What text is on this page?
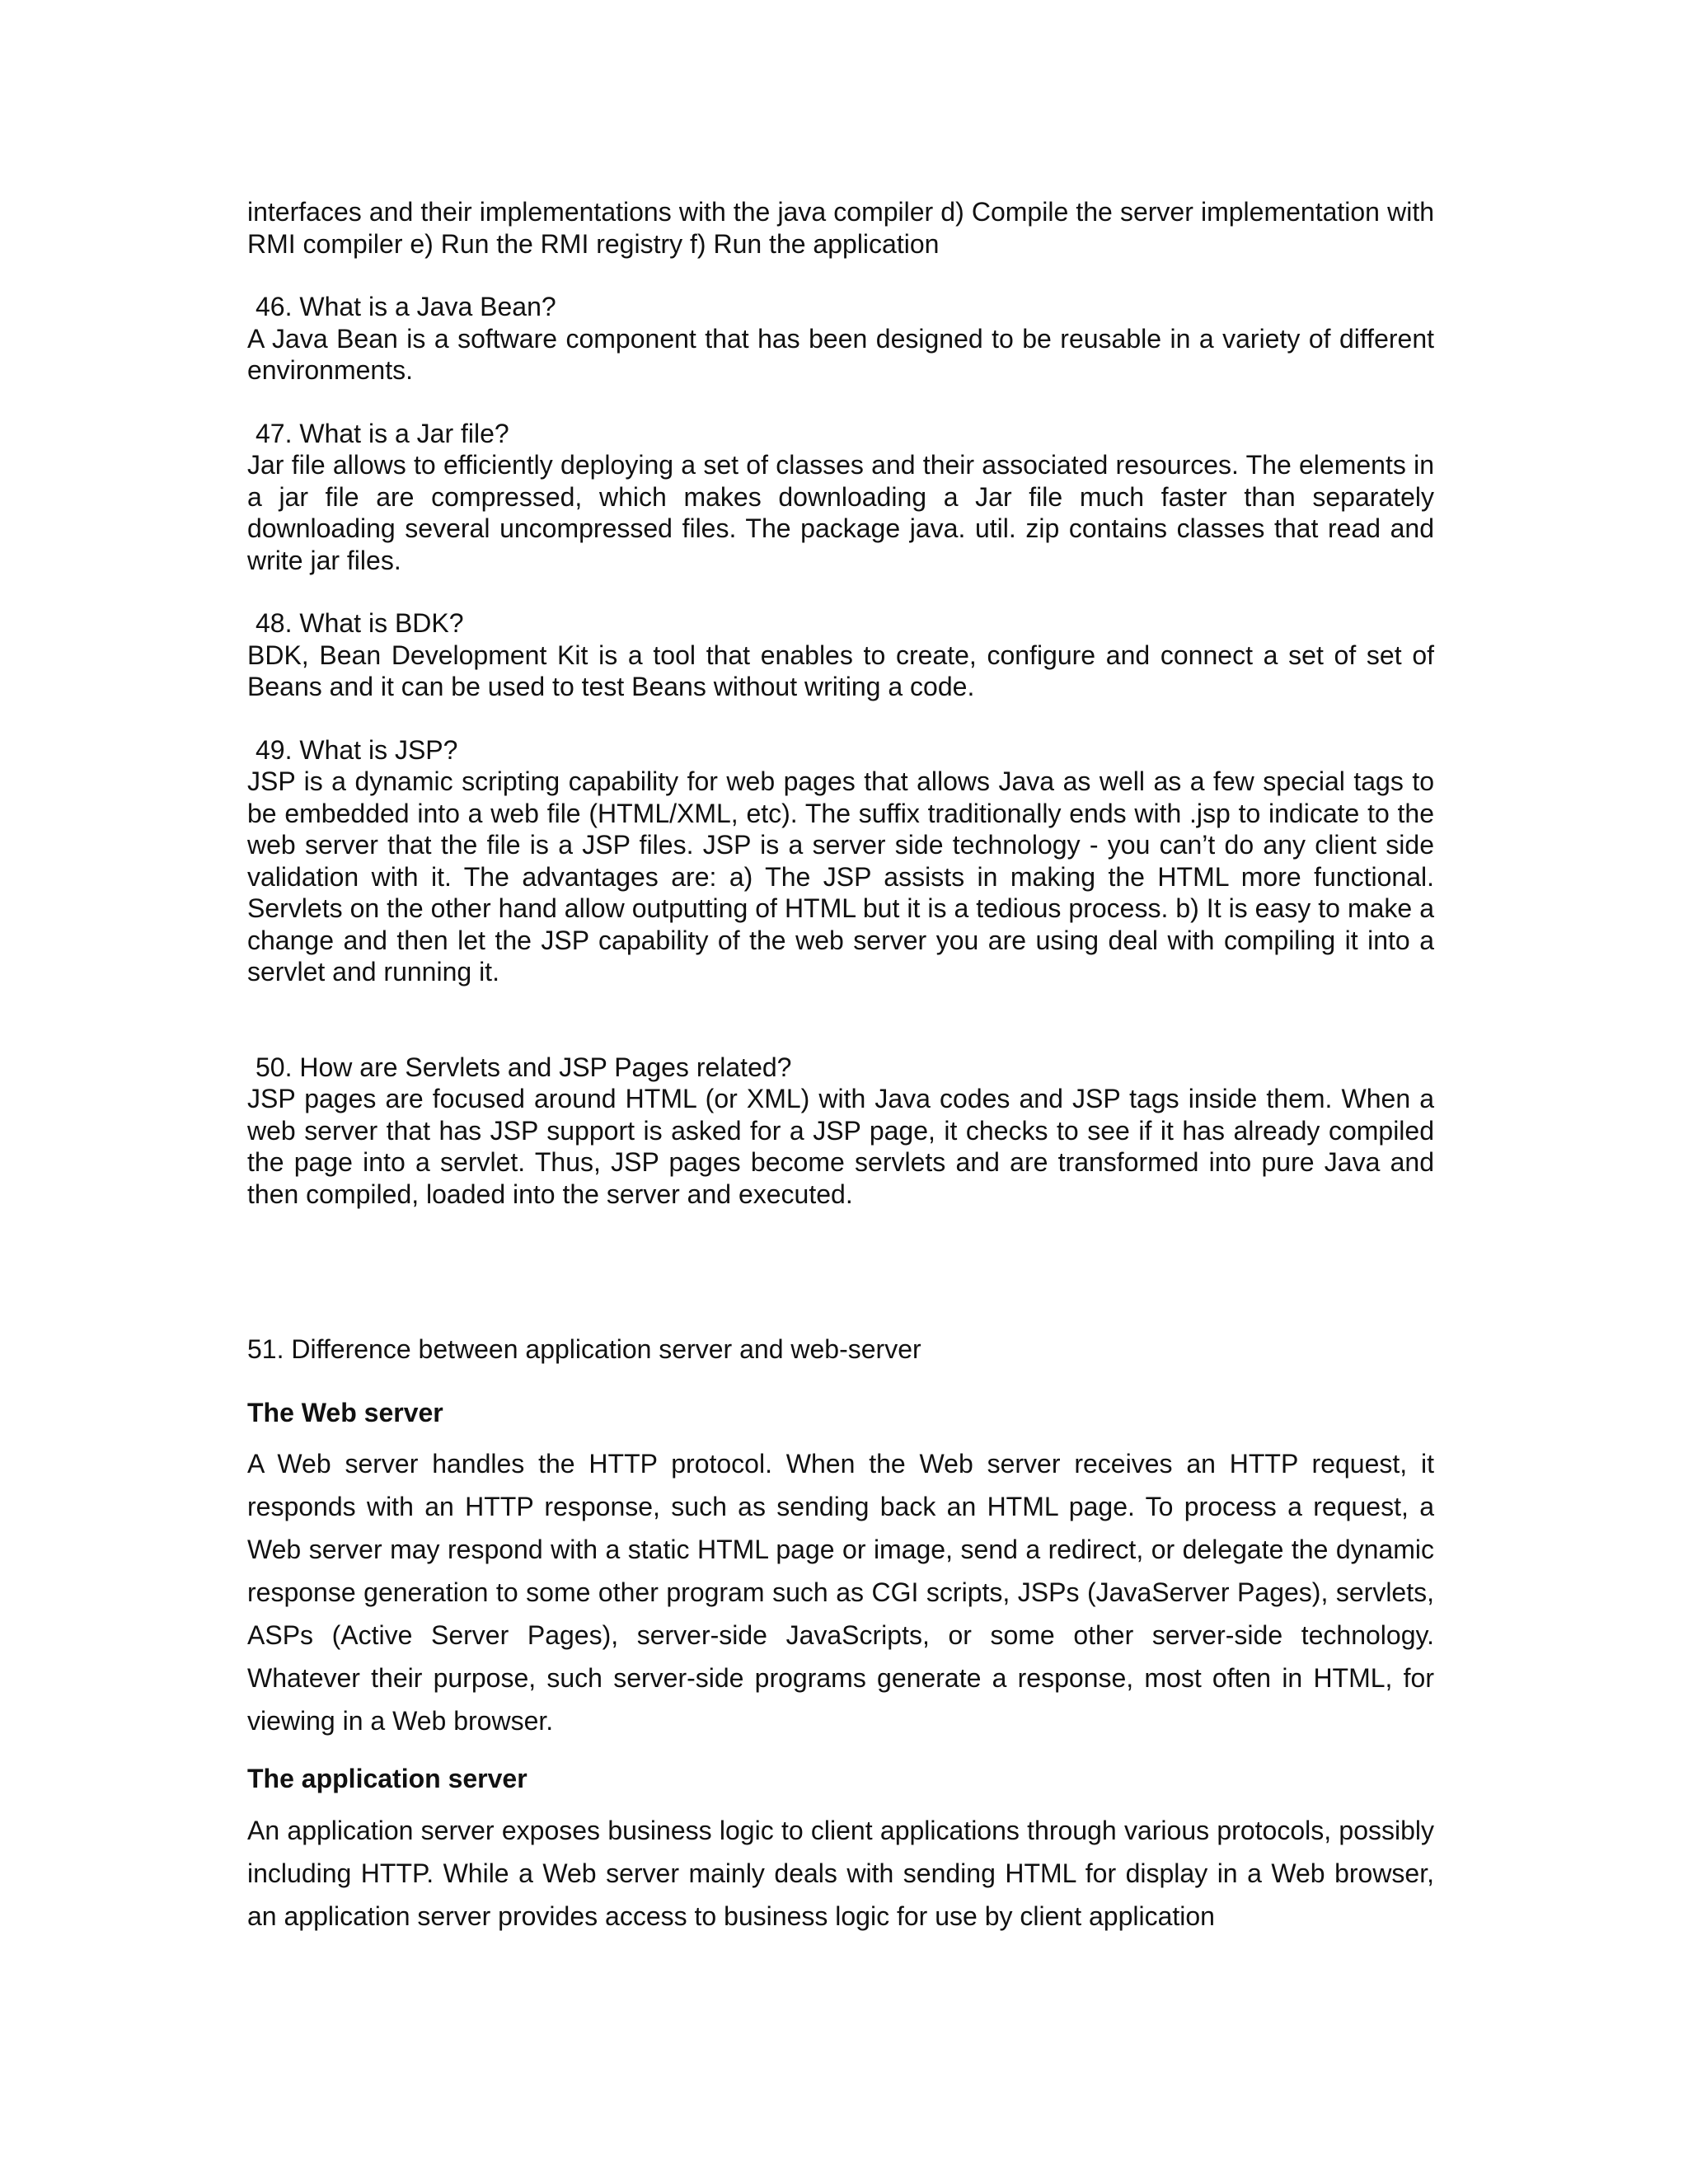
interfaces and their implementations with the java compiler d) Compile the server implementation with RMI compiler e) Run the RMI registry f) Run the application

46. What is a Java Bean?

A Java Bean is a software component that has been designed to be reusable in a variety of different environments.

47. What is a Jar file?

Jar file allows to efficiently deploying a set of classes and their associated resources. The elements in a jar file are compressed, which makes downloading a Jar file much faster than separately downloading several uncompressed files. The package java. util. zip contains classes that read and write jar files.

48. What is BDK?

BDK, Bean Development Kit is a tool that enables to create, configure and connect a set of set of Beans and it can be used to test Beans without writing a code.

49. What is JSP?

JSP is a dynamic scripting capability for web pages that allows Java as well as a few special tags to be embedded into a web file (HTML/XML, etc). The suffix traditionally ends with .jsp to indicate to the web server that the file is a JSP files. JSP is a server side technology - you can’t do any client side validation with it. The advantages are: a) The JSP assists in making the HTML more functional. Servlets on the other hand allow outputting of HTML but it is a tedious process. b) It is easy to make a change and then let the JSP capability of the web server you are using deal with compiling it into a servlet and running it.

50. How are Servlets and JSP Pages related?

JSP pages are focused around HTML (or XML) with Java codes and JSP tags inside them. When a web server that has JSP support is asked for a JSP page, it checks to see if it has already compiled the page into a servlet. Thus, JSP pages become servlets and are transformed into pure Java and then compiled, loaded into the server and executed.

51. Difference between application server and web-server

The Web server

A Web server handles the HTTP protocol. When the Web server receives an HTTP request, it responds with an HTTP response, such as sending back an HTML page. To process a request, a Web server may respond with a static HTML page or image, send a redirect, or delegate the dynamic response generation to some other program such as CGI scripts, JSPs (JavaServer Pages), servlets, ASPs (Active Server Pages), server-side JavaScripts, or some other server-side technology. Whatever their purpose, such server-side programs generate a response, most often in HTML, for viewing in a Web browser.

The application server

An application server exposes business logic to client applications through various protocols, possibly including HTTP. While a Web server mainly deals with sending HTML for display in a Web browser, an application server provides access to business logic for use by client application
